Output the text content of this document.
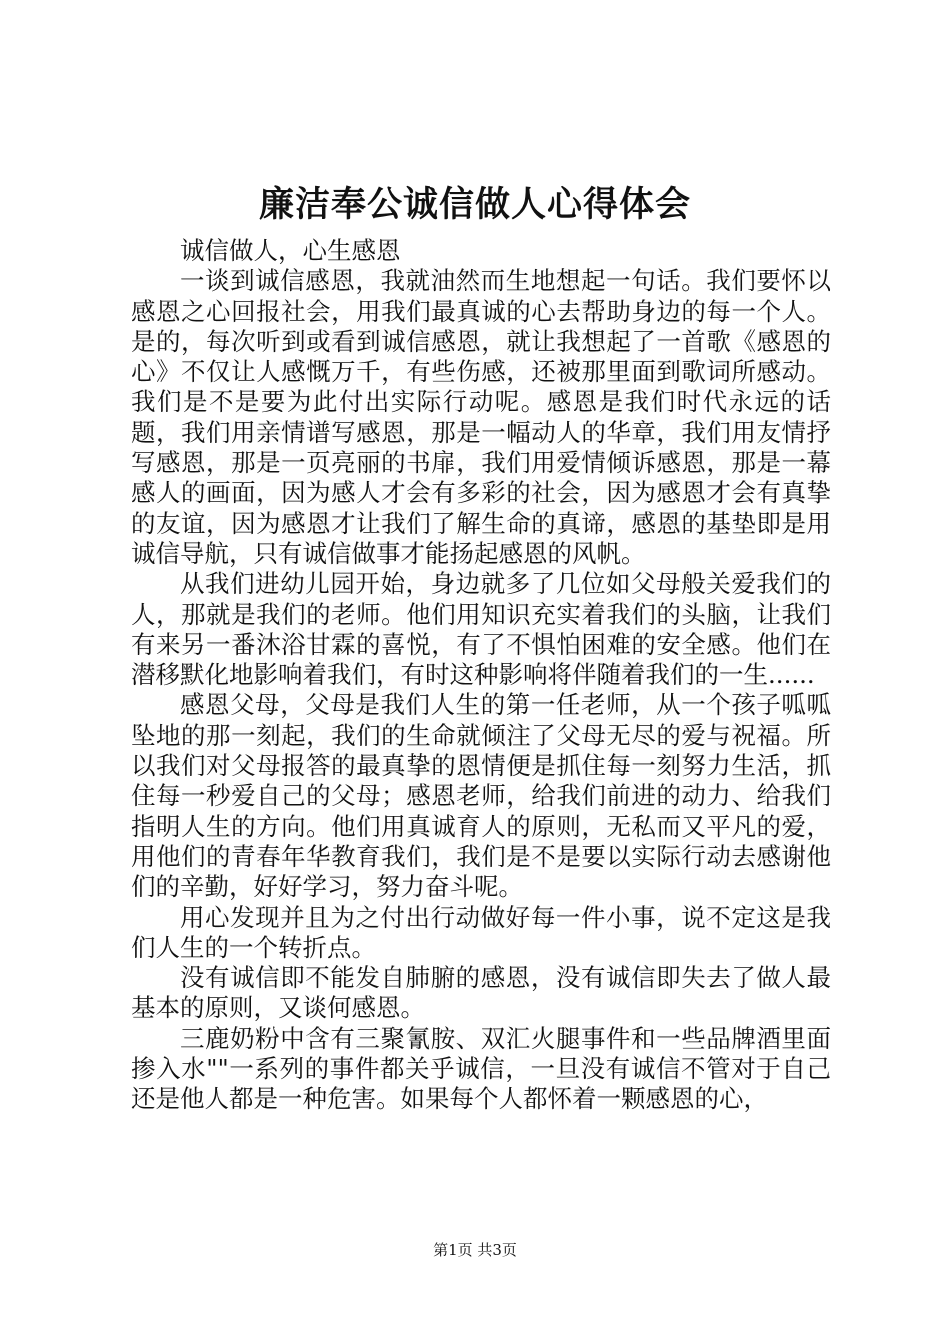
廉洁奉公诚信做人心得体会

诚信做人，心生感恩

一谈到诚信感恩，我就油然而生地想起一句话。我们要怀以感恩之心回报社会，用我们最真诚的心去帮助身边的每一个人。是的，每次听到或看到诚信感恩，就让我想起了一首歌《感恩的心》不仅让人感慨万千，有些伤感，还被那里面到歌词所感动。我们是不是要为此付出实际行动呢。感恩是我们时代永远的话题，我们用亲情谱写感恩，那是一幅动人的华章，我们用友情抒写感恩，那是一页亮丽的书扉，我们用爱情倾诉感恩，那是一幕感人的画面，因为感人才会有多彩的社会，因为感恩才会有真挚的友谊，因为感恩才让我们了解生命的真谛，感恩的基垫即是用诚信导航，只有诚信做事才能扬起感恩的风帆。

从我们进幼儿园开始，身边就多了几位如父母般关爱我们的人，那就是我们的老师。他们用知识充实着我们的头脑，让我们有来另一番沐浴甘霖的喜悦，有了不惧怕困难的安全感。他们在潜移默化地影响着我们，有时这种影响将伴随着我们的一生......

感恩父母，父母是我们人生的第一任老师，从一个孩子呱呱坠地的那一刻起，我们的生命就倾注了父母无尽的爱与祝福。所以我们对父母报答的最真挚的恩情便是抓住每一刻努力生活，抓住每一秒爱自己的父母；感恩老师，给我们前进的动力、给我们指明人生的方向。他们用真诚育人的原则，无私而又平凡的爱，用他们的青春年华教育我们，我们是不是要以实际行动去感谢他们的辛勤，好好学习，努力奋斗呢。

用心发现并且为之付出行动做好每一件小事，说不定这是我们人生的一个转折点。

没有诚信即不能发自肺腑的感恩，没有诚信即失去了做人最基本的原则，又谈何感恩。

三鹿奶粉中含有三聚氰胺、双汇火腿事件和一些品牌酒里面掺入水""一系列的事件都关乎诚信，一旦没有诚信不管对于自己还是他人都是一种危害。如果每个人都怀着一颗感恩的心，

第1页 共3页
